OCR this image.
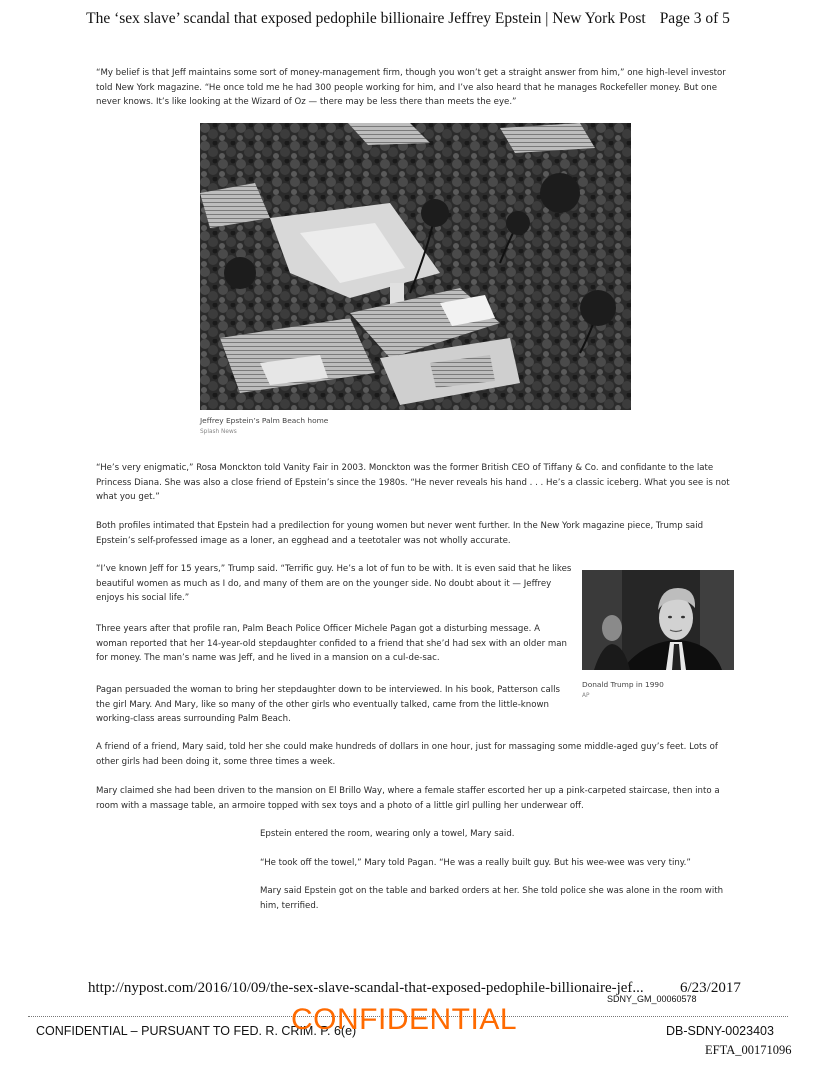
The ‘sex slave’ scandal that exposed pedophile billionaire Jeffrey Epstein | New York Post Page 3 of 5

“My belief is that Jeff maintains some sort of money-management firm, though you won’t get a straight answer from him,” one high-level investor told New York magazine. “He once told me he had 300 people working for him, and I’ve also heard that he manages Rockefeller money. But one never knows. It’s like looking at the Wizard of Oz — there may be less there than meets the eye.”

Jeffrey Epstein’s Palm Beach home
Splash News

“He’s very enigmatic,” Rosa Monckton told Vanity Fair in 2003. Monckton was the former British CEO of Tiffany & Co. and confidante to the late Princess Diana. She was also a close friend of Epstein’s since the 1980s. “He never reveals his hand . . . He’s a classic iceberg. What you see is not what you get.”

Both profiles intimated that Epstein had a predilection for young women but never went further. In the New York magazine piece, Trump said Epstein’s self-professed image as a loner, an egghead and a teetotaler was not wholly accurate.

“I’ve known Jeff for 15 years,” Trump said. “Terrific guy. He’s a lot of fun to be with. It is even said that he likes beautiful women as much as I do, and many of them are on the younger side. No doubt about it — Jeffrey enjoys his social life.”

Three years after that profile ran, Palm Beach Police Officer Michele Pagan got a disturbing message. A woman reported that her 14-year-old stepdaughter confided to a friend that she’d had sex with an older man for money. The man’s name was Jeff, and he lived in a mansion on a cul-de-sac.

Pagan persuaded the woman to bring her stepdaughter down to be interviewed. In his book, Patterson calls the girl Mary. And Mary, like so many of the other girls who eventually talked, came from the little-known working-class areas surrounding Palm Beach.

Donald Trump in 1990
AP

A friend of a friend, Mary said, told her she could make hundreds of dollars in one hour, just for massaging some middle-aged guy’s feet. Lots of other girls had been doing it, some three times a week.

Mary claimed she had been driven to the mansion on El Brillo Way, where a female staffer escorted her up a pink-carpeted staircase, then into a room with a massage table, an armoire topped with sex toys and a photo of a little girl pulling her underwear off.

Epstein entered the room, wearing only a towel, Mary said.

“He took off the towel,” Mary told Pagan. “He was a really built guy. But his wee-wee was very tiny.”

Mary said Epstein got on the table and barked orders at her. She told police she was alone in the room with him, terrified.

http://nypost.com/2016/10/09/the-sex-slave-scandal-that-exposed-pedophile-billionaire-jef... 6/23/2017
SDNY_GM_00060578
CONFIDENTIAL – PURSUANT TO FED. R. CRIM. P. 6(e)
CONFIDENTIAL	DB-SDNY-0023403
EFTA_00171096
